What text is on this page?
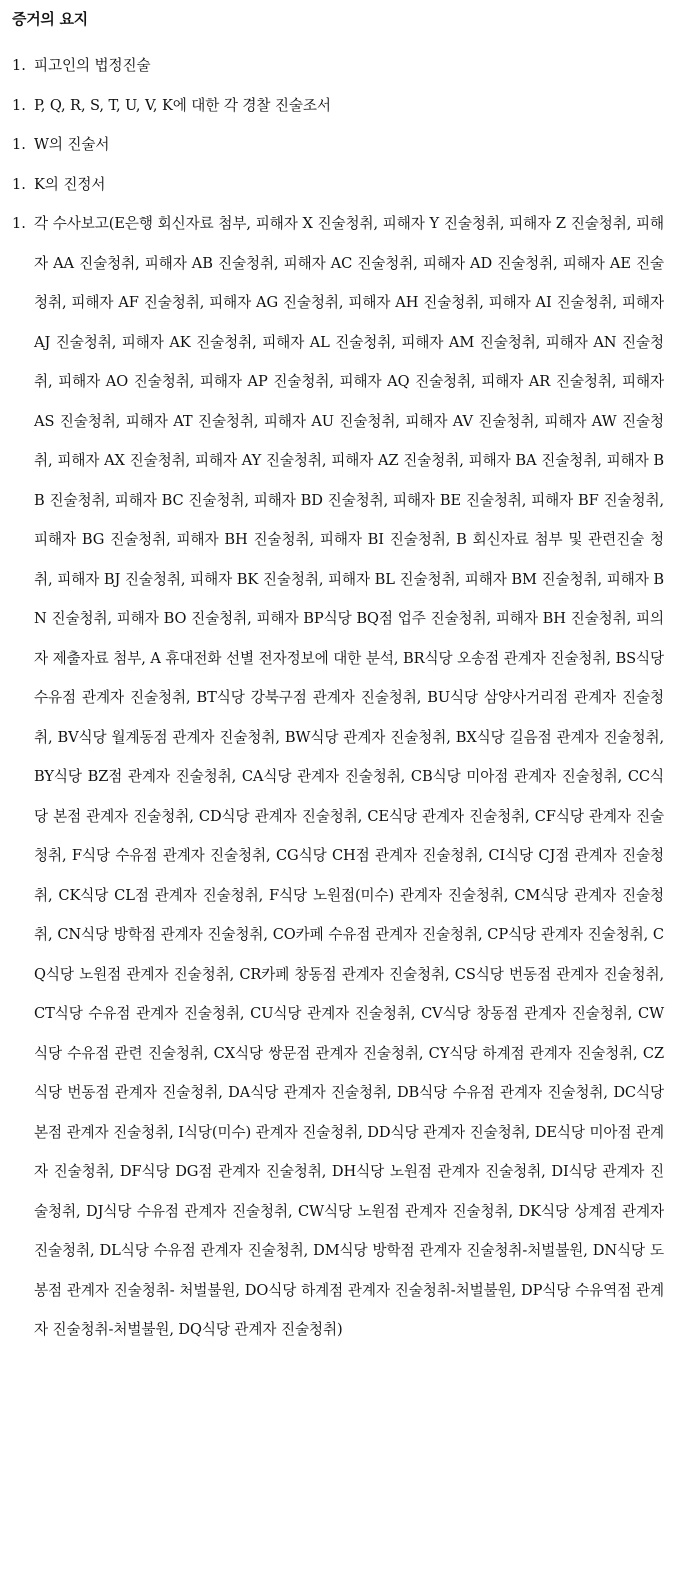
증거의 요지
1. 피고인의 법정진술
1. P, Q, R, S, T, U, V, K에 대한 각 경찰 진술조서
1. W의 진술서
1. K의 진정서
1. 각 수사보고(E은행 회신자료 첨부, 피해자 X 진술청취, 피해자 Y 진술청취, 피해자 Z 진술청취, 피해자 AA 진술청취, 피해자 AB 진술청취, 피해자 AC 진술청취, 피해자 AD 진술청취, 피해자 AE 진술청취, 피해자 AF 진술청취, 피해자 AG 진술청취, 피해자 AH 진술청취, 피해자 AI 진술청취, 피해자 AJ 진술청취, 피해자 AK 진술청취, 피해자 AL 진술청취, 피해자 AM 진술청취, 피해자 AN 진술청취, 피해자 AO 진술청취, 피해자 AP 진술청취, 피해자 AQ 진술청취, 피해자 AR 진술청취, 피해자 AS 진술청취, 피해자 AT 진술청취, 피해자 AU 진술청취, 피해자 AV 진술청취, 피해자 AW 진술청취, 피해자 AX 진술청취, 피해자 AY 진술청취, 피해자 AZ 진술청취, 피해자 BA 진술청취, 피해자 BB 진술청취, 피해자 BC 진술청취, 피해자 BD 진술청취, 피해자 BE 진술청취, 피해자 BF 진술청취, 피해자 BG 진술청취, 피해자 BH 진술청취, 피해자 BI 진술청취, B 회신자료 첨부 및 관련진술 청취, 피해자 BJ 진술청취, 피해자 BK 진술청취, 피해자 BL 진술청취, 피해자 BM 진술청취, 피해자 BN 진술청취, 피해자 BO 진술청취, 피해자 BP식당 BQ점 업주 진술청취, 피해자 BH 진술청취, 피의자 제출자료 첨부, A 휴대전화 선별 전자정보에 대한 분석, BR식당 오송점 관계자 진술청취, BS식당 수유점 관계자 진술청취, BT식당 강북구점 관계자 진술청취, BU식당 삼양사거리점 관계자 진술청취, BV식당 월계동점 관계자 진술청취, BW식당 관계자 진술청취, BX식당 길음점 관계자 진술청취, BY식당 BZ점 관계자 진술청취, CA식당 관계자 진술청취, CB식당 미아점 관계자 진술청취, CC식당 본점 관계자 진술청취, CD식당 관계자 진술청취, CE식당 관계자 진술청취, CF식당 관계자 진술청취, F식당 수유점 관계자 진술청취, CG식당 CH점 관계자 진술청취, CI식당 CJ점 관계자 진술청취, CK식당 CL점 관계자 진술청취, F식당 노원점(미수) 관계자 진술청취, CM식당 관계자 진술청취, CN식당 방학점 관계자 진술청취, CO카페 수유점 관계자 진술청취, CP식당 관계자 진술청취, CQ식당 노원점 관계자 진술청취, CR카페 창동점 관계자 진술청취, CS식당 번동점 관계자 진술청취, CT식당 수유점 관계자 진술청취, CU식당 관계자 진술청취, CV식당 창동점 관계자 진술청취, CW식당 수유점 관련 진술청취, CX식당 쌍문점 관계자 진술청취, CY식당 하계점 관계자 진술청취, CZ식당 번동점 관계자 진술청취, DA식당 관계자 진술청취, DB식당 수유점 관계자 진술청취, DC식당 본점 관계자 진술청취, I식당(미수) 관계자 진술청취, DD식당 관계자 진술청취, DE식당 미아점 관계자 진술청취, DF식당 DG점 관계자 진술청취, DH식당 노원점 관계자 진술청취, DI식당 관계자 진술청취, DJ식당 수유점 관계자 진술청취, CW식당 노원점 관계자 진술청취, DK식당 상계점 관계자 진술청취, DL식당 수유점 관계자 진술청취, DM식당 방학점 관계자 진술청취-처벌불원, DN식당 도봉점 관계자 진술청취- 처벌불원, DO식당 하계점 관계자 진술청취-처벌불원, DP식당 수유역점 관계자 진술청취-처벌불원, DQ식당 관계자 진술청취)
